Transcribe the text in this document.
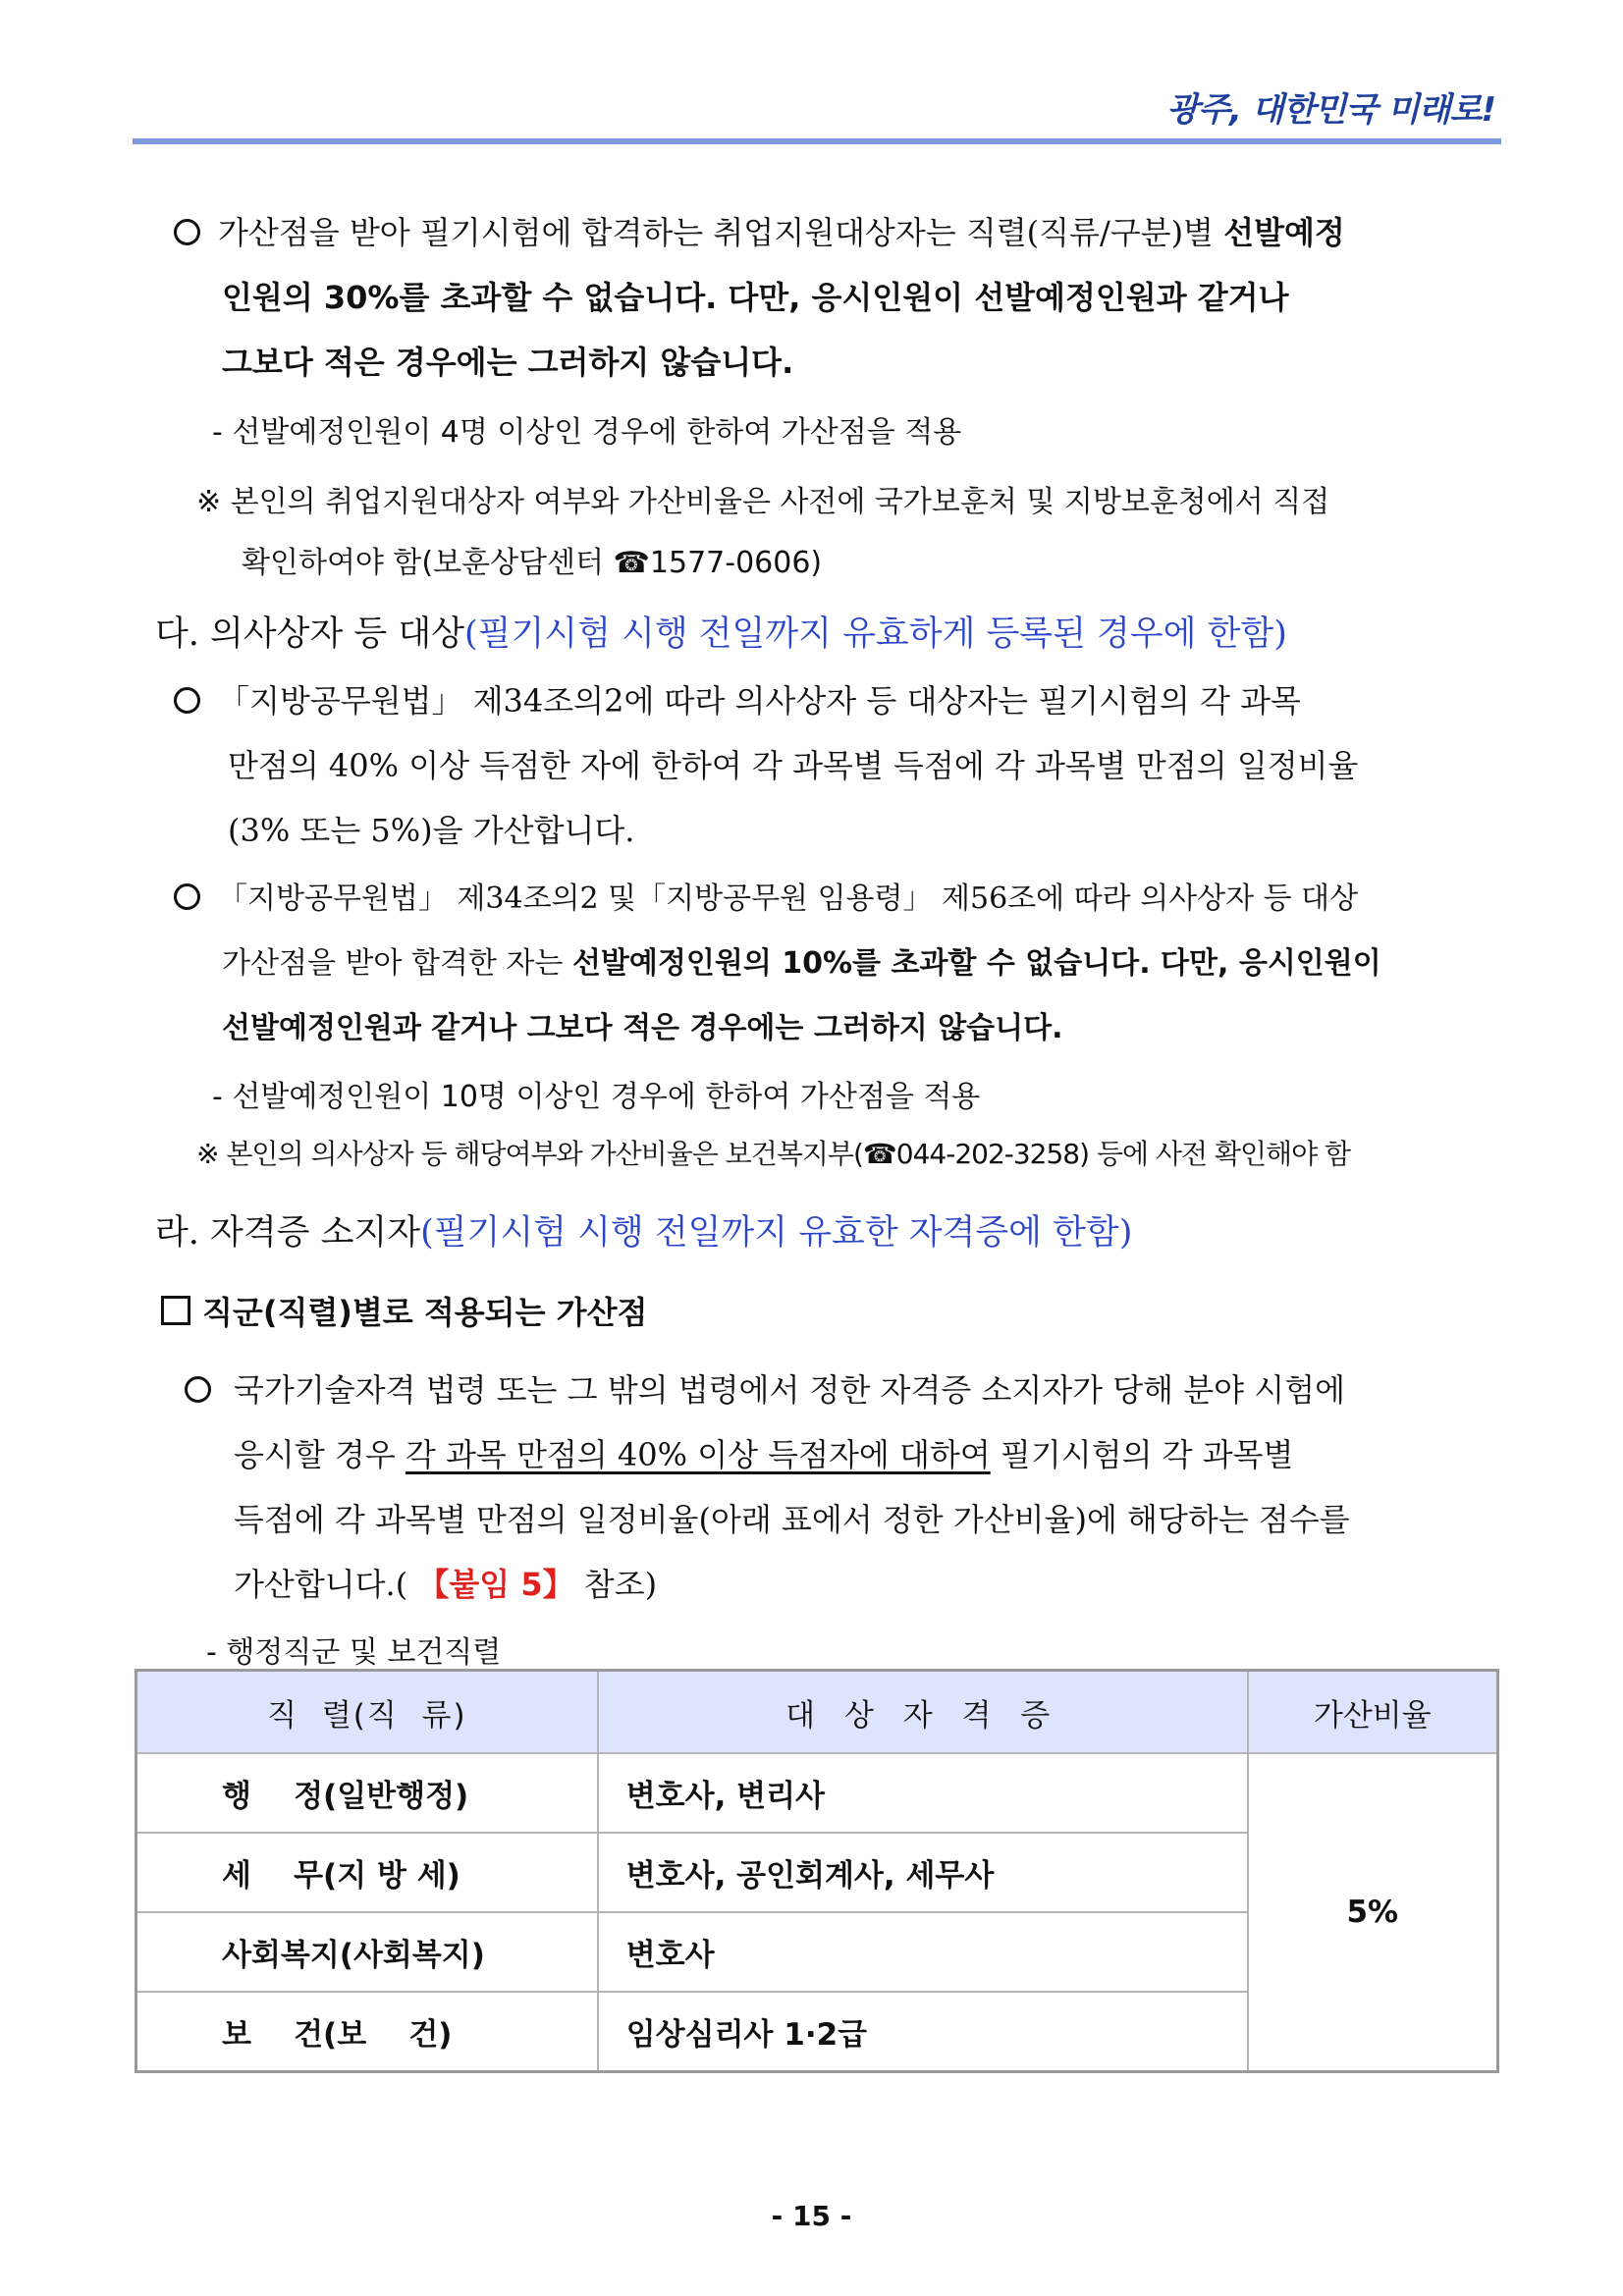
광주, 대한민국 미래로!
가산점을 받아 필기시험에 합격하는 취업지원대상자는 직렬(직류/구분)별 선발예정
인원의 30%를 초과할 수 없습니다. 다만, 응시인원이 선발예정인원과 같거나
그보다 적은 경우에는 그러하지 않습니다.
- 선발예정인원이 4명 이상인 경우에 한하여 가산점을 적용
※ 본인의 취업지원대상자 여부와 가산비율은 사전에 국가보훈처 및 지방보훈청에서 직접
확인하여야 함(보훈상담센터 ☎1577-0606)
다. 의사상자 등 대상(필기시험 시행 전일까지 유효하게 등록된 경우에 한함)
「지방공무원법」 제34조의2에 따라 의사상자 등 대상자는 필기시험의 각 과목
만점의 40% 이상 득점한 자에 한하여 각 과목별 득점에 각 과목별 만점의 일정비율
(3% 또는 5%)을 가산합니다.
「지방공무원법」 제34조의2 및「지방공무원 임용령」 제56조에 따라 의사상자 등 대상
가산점을 받아 합격한 자는 선발예정인원의 10%를 초과할 수 없습니다. 다만, 응시인원이
선발예정인원과 같거나 그보다 적은 경우에는 그러하지 않습니다.
- 선발예정인원이 10명 이상인 경우에 한하여 가산점을 적용
※ 본인의 의사상자 등 해당여부와 가산비율은 보건복지부(☎044-202-3258) 등에 사전 확인해야 함
라. 자격증 소지자(필기시험 시행 전일까지 유효한 자격증에 한함)
직군(직렬)별로 적용되는 가산점
국가기술자격 법령 또는 그 밖의 법령에서 정한 자격증 소지자가 당해 분야 시험에
응시할 경우 각 과목 만점의 40% 이상 득점자에 대하여 필기시험의 각 과목별
득점에 각 과목별 만점의 일정비율(아래 표에서 정한 가산비율)에 해당하는 점수를
가산합니다.( 【붙임 5】 참조)
- 행정직군 및 보건직렬
직  렬(직  류)	대 상 자 격 증	가산비율
행    정(일반행정)	변호사, 변리사	5%
세    무(지 방 세)	변호사, 공인회계사, 세무사	
사회복지(사회복지)	변호사	
보    건(보    건)	임상심리사 1·2급	
- 15 -
